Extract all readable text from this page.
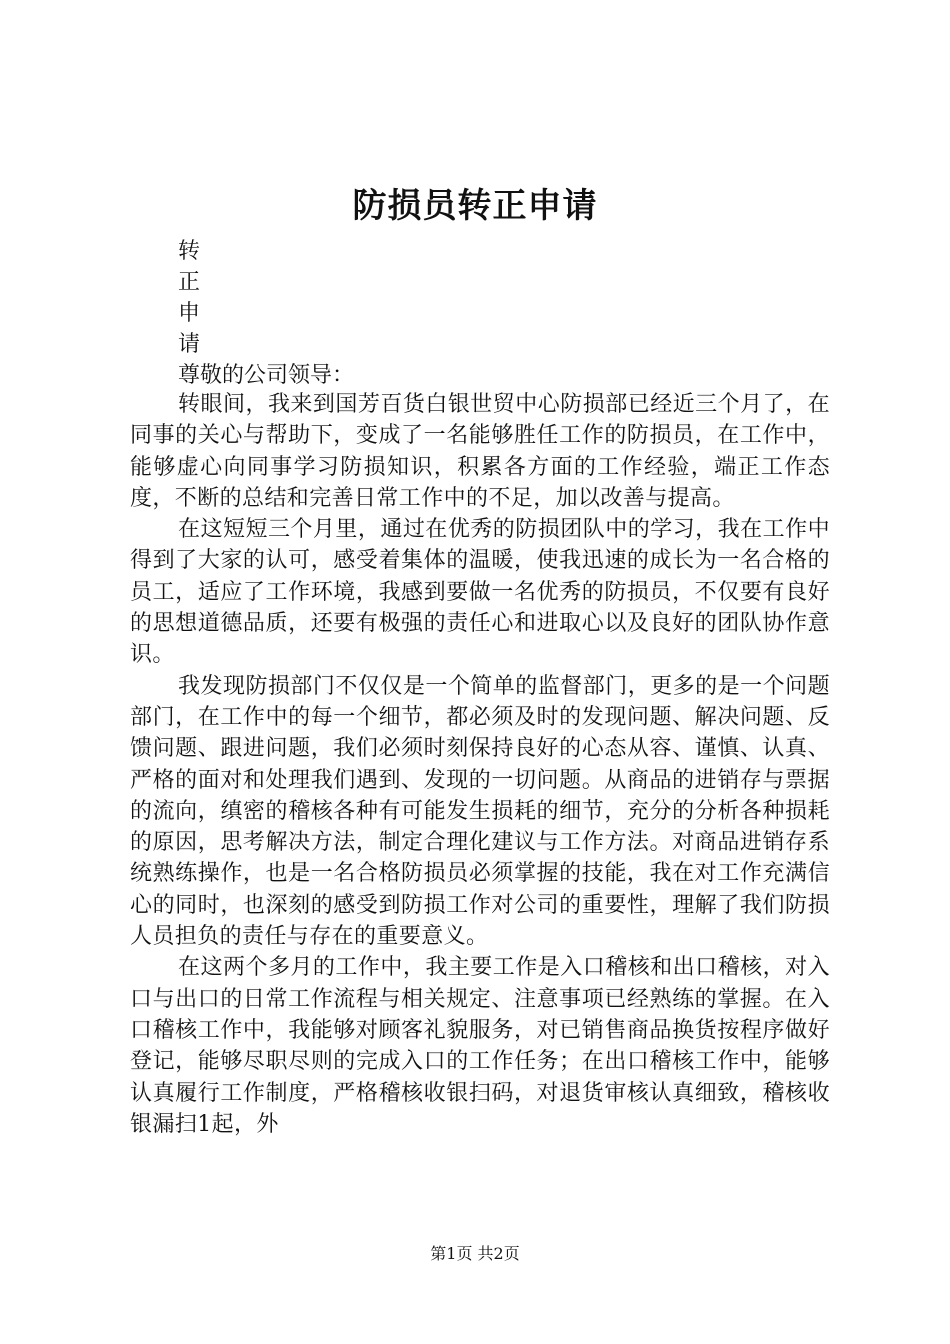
防损员转正申请
转
正
申
请
尊敬的公司领导：

转眼间，我来到国芳百货白银世贸中心防损部已经近三个月了，在同事的关心与帮助下，变成了一名能够胜任工作的防损员，在工作中，能够虚心向同事学习防损知识，积累各方面的工作经验，端正工作态度，不断的总结和完善日常工作中的不足，加以改善与提高。

在这短短三个月里，通过在优秀的防损团队中的学习，我在工作中得到了大家的认可，感受着集体的温暖，使我迅速的成长为一名合格的员工，适应了工作环境，我感到要做一名优秀的防损员，不仅要有良好的思想道德品质，还要有极强的责任心和进取心以及良好的团队协作意识。

我发现防损部门不仅仅是一个简单的监督部门，更多的是一个问题部门，在工作中的每一个细节，都必须及时的发现问题、解决问题、反馈问题、跟进问题，我们必须时刻保持良好的心态从容、谨慎、认真、严格的面对和处理我们遇到、发现的一切问题。从商品的进销存与票据的流向，缜密的稽核各种有可能发生损耗的细节，充分的分析各种损耗的原因，思考解决方法，制定合理化建议与工作方法。对商品进销存系统熟练操作，也是一名合格防损员必须掌握的技能，我在对工作充满信心的同时，也深刻的感受到防损工作对公司的重要性，理解了我们防损人员担负的责任与存在的重要意义。

在这两个多月的工作中，我主要工作是入口稽核和出口稽核，对入口与出口的日常工作流程与相关规定、注意事项已经熟练的掌握。在入口稽核工作中，我能够对顾客礼貌服务，对已销售商品换货按程序做好登记，能够尽职尽则的完成入口的工作任务；在出口稽核工作中，能够认真履行工作制度，严格稽核收银扫码，对退货审核认真细致，稽核收银漏扫1起，外

第1页 共2页
